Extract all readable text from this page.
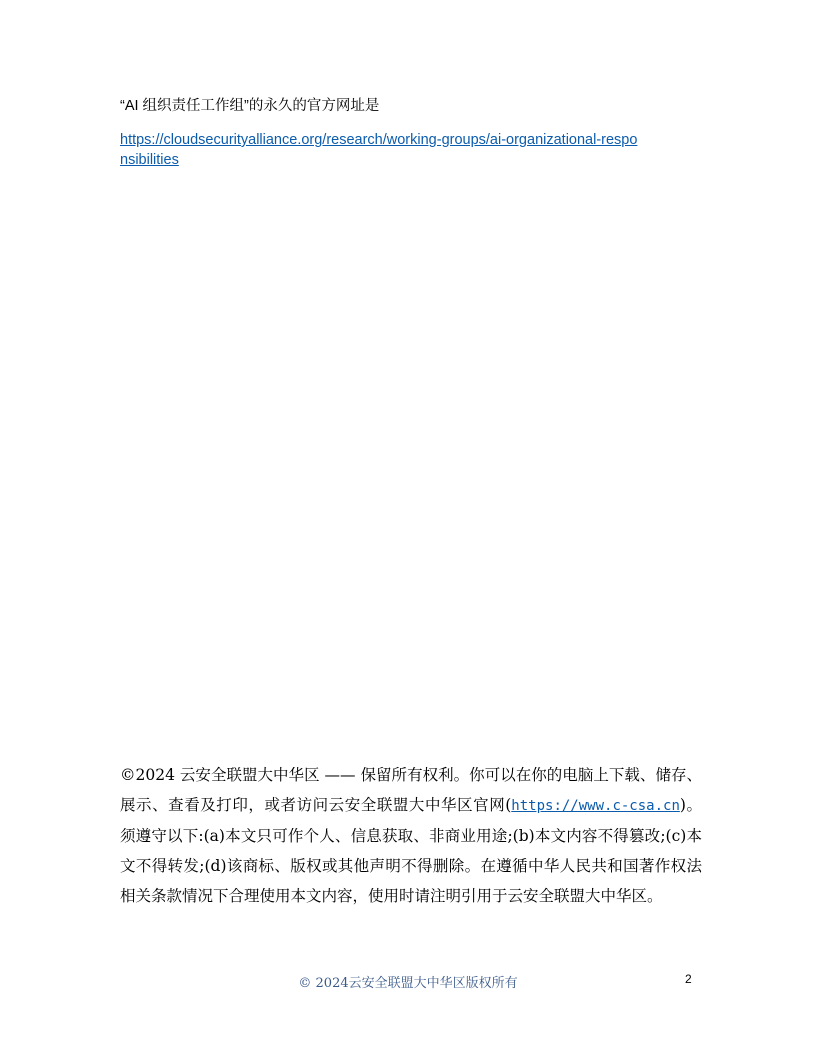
“AI 组织责任工作组”的永久的官方网址是
https://cloudsecurityalliance.org/research/working-groups/ai-organizational-responsibilities
©2024 云安全联盟大中华区 —— 保留所有权利。你可以在你的电脑上下载、储存、展示、查看及打印，或者访问云安全联盟大中华区官网(https://www.c-csa.cn)。须遵守以下:(a)本文只可作个人、信息获取、非商业用途;(b)本文内容不得篡改;(c)本文不得转发;(d)该商标、版权或其他声明不得删除。在遵循中华人民共和国著作权法相关条款情况下合理使用本文内容，使用时请注明引用于云安全联盟大中华区。
© 2024云安全联盟大中华区版权所有	2
